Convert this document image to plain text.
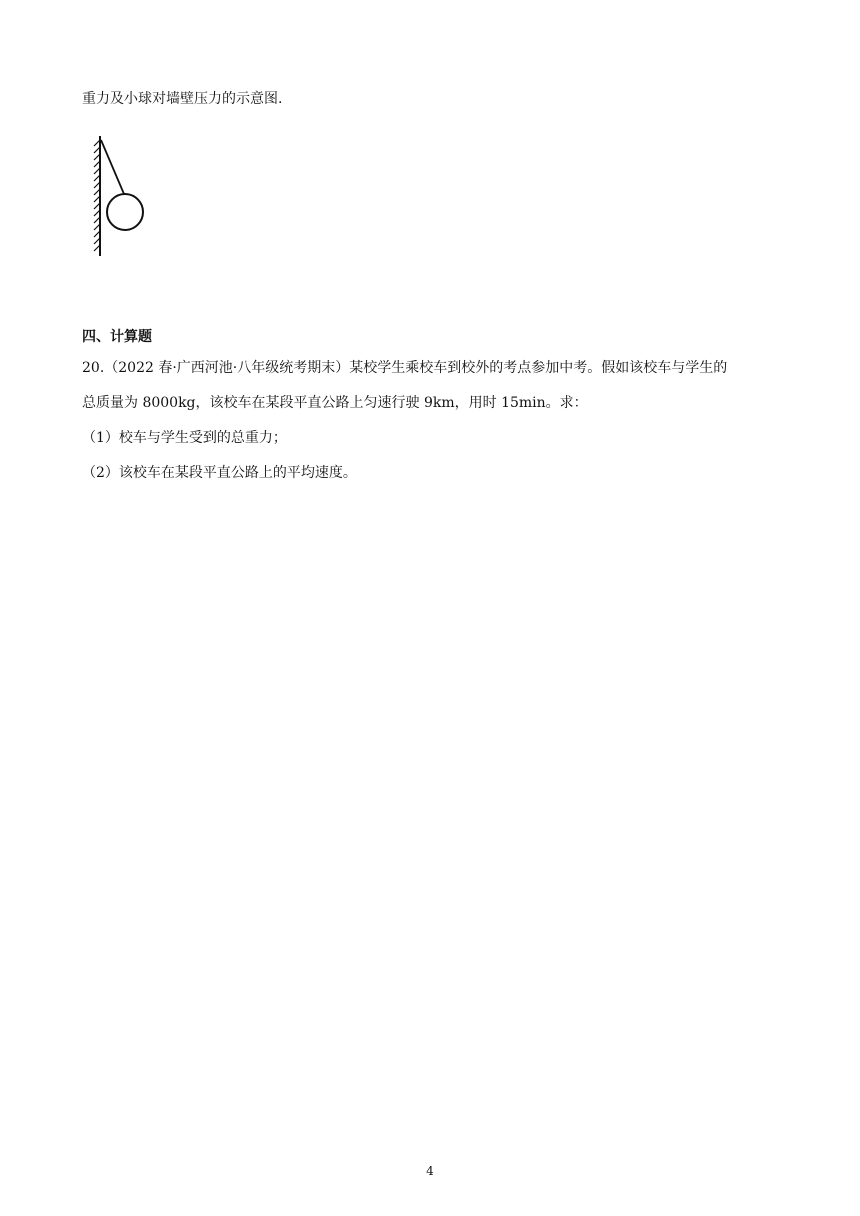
重力及小球对墙壁压力的示意图.
四、计算题
20.（2022 春·广西河池·八年级统考期末）某校学生乘校车到校外的考点参加中考。假如该校车与学生的
总质量为 8000kg，该校车在某段平直公路上匀速行驶 9km，用时 15min。求：
（1）校车与学生受到的总重力；
（2）该校车在某段平直公路上的平均速度。
4
